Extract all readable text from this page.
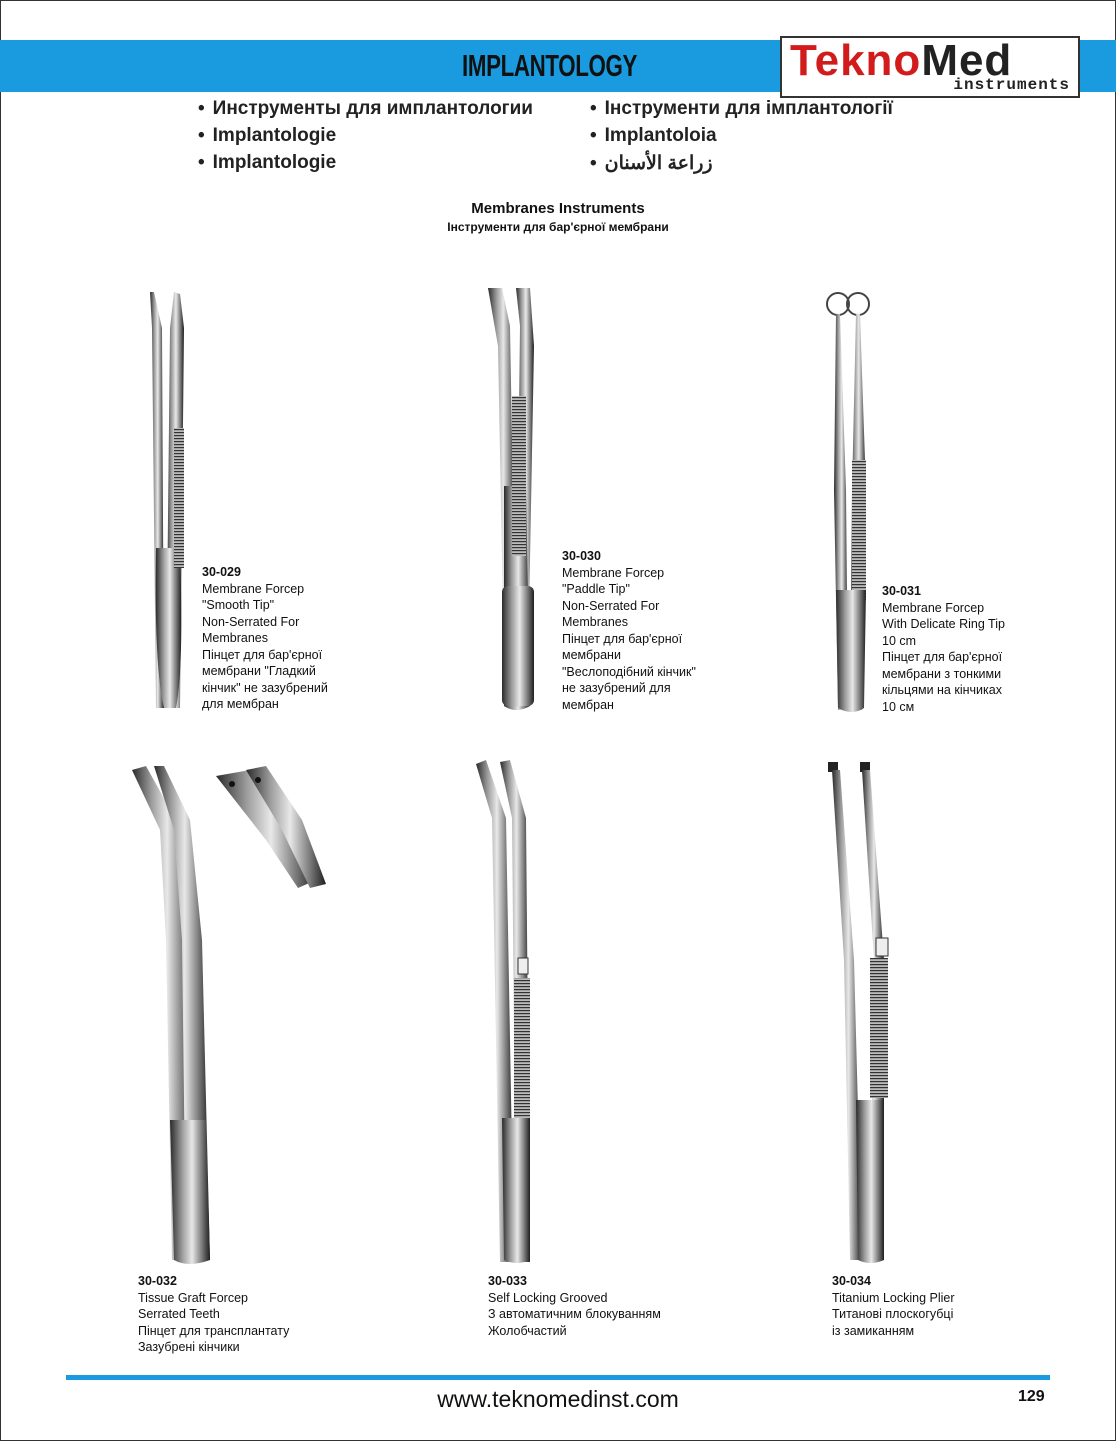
IMPLANTOLOGY	TeknoMed
instruments
• Инструменты для имплантологии
• Implantologie
• Implantologie
• Інструменти для імплантології
• Implantoloia
• زراعة الأسنان
Membranes Instruments
Інструменти для бар'єрної мембрани
30-029
Membrane Forcep
"Smooth Tip"
Non-Serrated For
Membranes
Пінцет для бар'єрної
мембрани "Гладкий
кінчик" не зазубрений
для мембран
30-030
Membrane Forcep
"Paddle Tip"
Non-Serrated For
Membranes
Пінцет для бар'єрної
мембрани
"Веслоподібний кінчик"
не зазубрений для
мембран
30-031
Membrane Forcep
With Delicate Ring Tip
10 cm
Пінцет для бар'єрної
мембрани з тонкими
кільцями на кінчиках
10 см
30-032
Tissue Graft Forcep
Serrated Teeth
Пінцет для трансплантату
Зазубрені кінчики
30-033
Self Locking Grooved
З автоматичним блокуванням
Жолобчастий
30-034
Titanium Locking Plier
Титанові плоскогубці
із замиканням
www.teknomedinst.com	129
